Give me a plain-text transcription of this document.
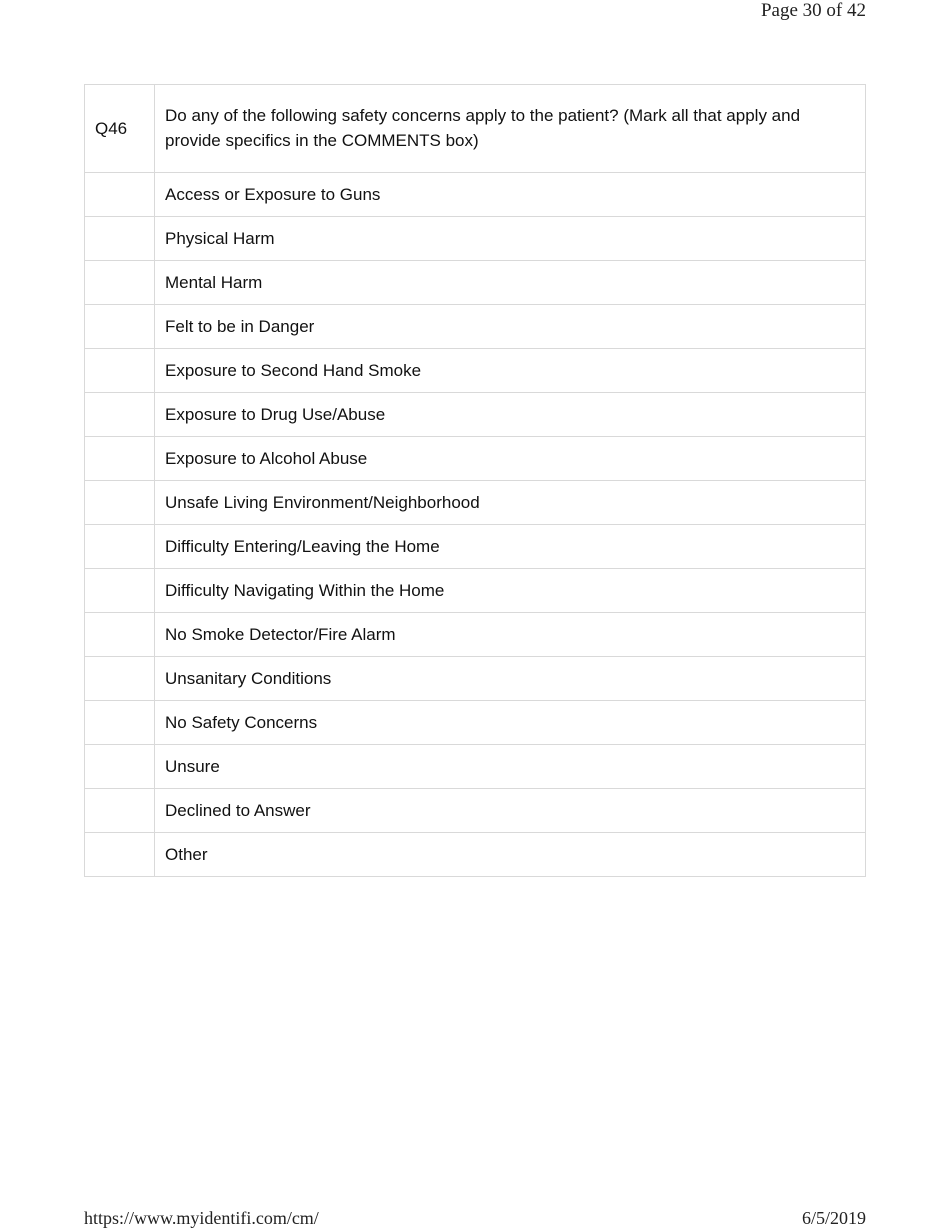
Page 30 of 42
Q46	Do any of the following safety concerns apply to the patient? (Mark all that apply and provide specifics in the COMMENTS box)
	Access or Exposure to Guns
	Physical Harm
	Mental Harm
	Felt to be in Danger
	Exposure to Second Hand Smoke
	Exposure to Drug Use/Abuse
	Exposure to Alcohol Abuse
	Unsafe Living Environment/Neighborhood
	Difficulty Entering/Leaving the Home
	Difficulty Navigating Within the Home
	No Smoke Detector/Fire Alarm
	Unsanitary Conditions
	No Safety Concerns
	Unsure
	Declined to Answer
	Other
https://www.myidentifi.com/cm/	6/5/2019
